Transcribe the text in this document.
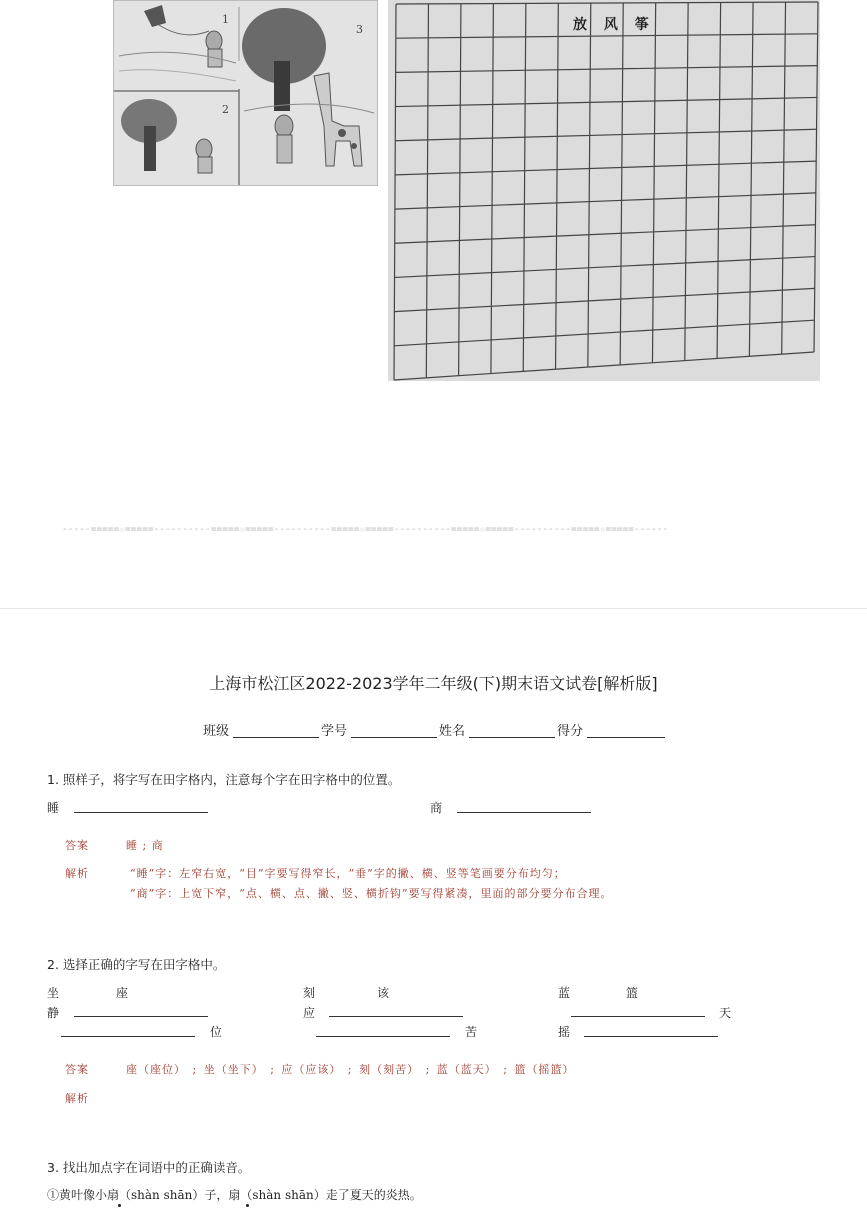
1
2
3	放 风 筝
-----=====☆=====----------=====☆=====----------=====☆=====----------=====☆=====----------=====☆=====------
上海市松江区2022-2023学年二年级(下)期末语文试卷[解析版]
班级	学号	姓名	得分
1. 照样子，将字写在田字格内，注意每个字在田字格中的位置。
睡	商
答案	睡 ; 商
解析	“睡”字：左窄右宽，“目”字要写得窄长，“垂”字的撇、横、竖等笔画要分布均匀；
“商”字：上宽下窄，“点、横、点、撇、竖、横折钩”要写得紧凑，里面的部分要分布合理。
2. 选择正确的字写在田字格中。
坐	座	刻	该	蓝	篮
静	应	天
位	苦	摇
答案	座（座位） ; 坐（坐下） ; 应（应该） ; 刻（刻苦） ; 蓝（蓝天） ; 篮（摇篮）
解析
3. 找出加点字在词语中的正确读音。
①黄叶像小扇（shàn shān）子，扇（shàn shān）走了夏天的炎热。
